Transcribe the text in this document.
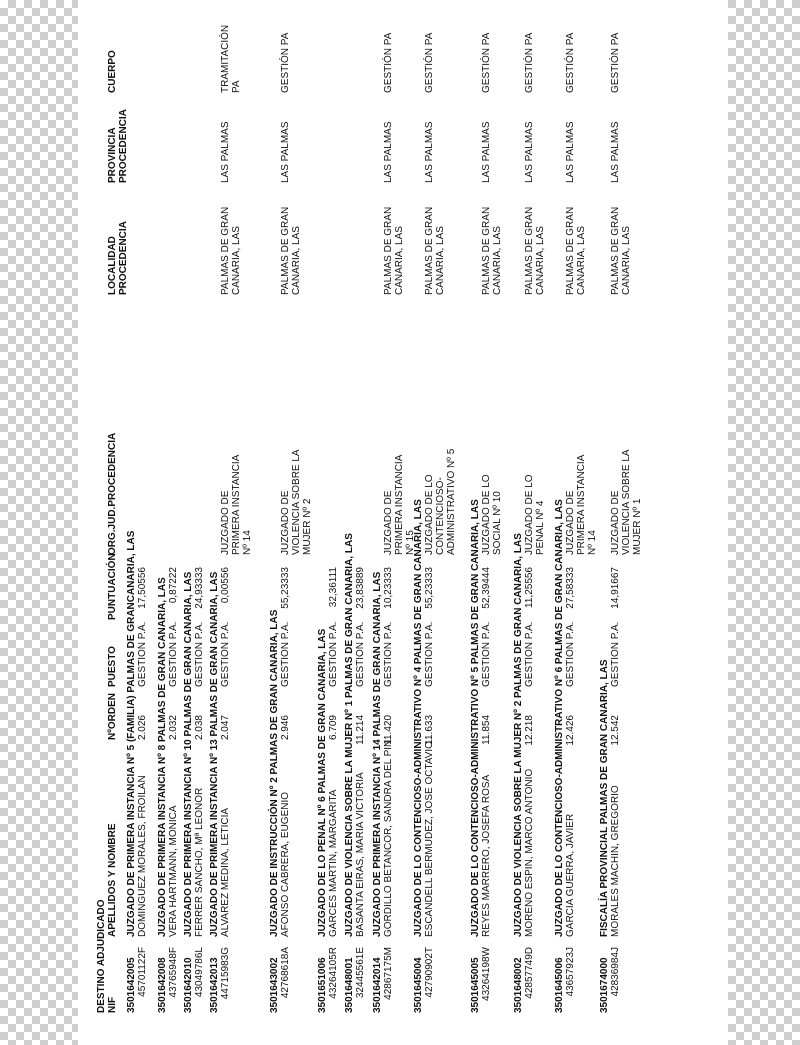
DESTINO ADJUDICADO NIF
APELLIDOS Y NOMBRE
NºORDEN
PUESTO
PUNTUACIÓN
ORG.JUD.PROCEDENCIA
LOCALIDAD PROCEDENCIA
PROVINCIA PROCEDENCIA
CUERPO
3501642005
JUZGADO DE PRIMERA INSTANCIA Nº 5 (FAMILIA) PALMAS DE GRANCANARIA, LAS
45701122F
DOMINGUEZ MORALES, FROILAN
2.026
GESTION P.A.
17,50556
3501642008
JUZGADO DE PRIMERA INSTANCIA Nº 8 PALMAS DE GRAN CANARIA, LAS
43765948F
VERA HARTMANN, MONICA
2.032
GESTION P.A.
0,87222
3501642010
JUZGADO DE PRIMERA INSTANCIA Nº 10 PALMAS DE GRAN CANARIA, LAS
43049786L
FERRER SANCHO, Mª LEONOR
2.038
GESTION P.A.
24,93333
3501642013
JUZGADO DE PRIMERA INSTANCIA Nº 13 PALMAS DE GRAN CANARIA, LAS
44715983G
ALVAREZ MEDINA, LETICIA
2.047
GESTION P.A.
0,00556
JUZGADO DE PRIMERA INSTANCIA Nº 14
PALMAS DE GRAN CANARIA, LAS
LAS PALMAS
TRAMITACIÓN PA
3501643002
JUZGADO DE INSTRUCCIÓN Nº 2 PALMAS DE GRAN CANARIA, LAS
42768618A
AFONSO CABRERA, EUGENIO
2.946
GESTION P.A.
55,23333
JUZGADO DE VIOLENCIA SOBRE LA MUJER Nº 2
PALMAS DE GRAN CANARIA, LAS
LAS PALMAS
GESTIÓN PA
3501651006
JUZGADO DE LO PENAL Nº 6 PALMAS DE GRAN CANARIA, LAS
43264105R
GARCES MARTIN, MARGARITA
6.709
GESTION P.A.
32,36111
3501648001
JUZGADO DE VIOLENCIA SOBRE LA MUJER Nº 1 PALMAS DE GRAN CANARIA, LAS
32445561E
BASANTA EIRAS, MARIA VICTORIA
11.214
GESTION P.A.
23,83889
3501642014
JUZGADO DE PRIMERA INSTANCIA Nº 14 PALMAS DE GRAN CANARIA, LAS
42867175M
GORDILLO BETANCOR, SANDRA DEL PIN
11.420
GESTION P.A.
10,23333
JUZGADO DE PRIMERA INSTANCIA Nº 15
PALMAS DE GRAN CANARIA, LAS
LAS PALMAS
GESTIÓN PA
3501645004
JUZGADO DE LO CONTENCIOSO-ADMINISTRATIVO Nº 4 PALMAS DE GRAN CANARIA, LAS
42790902T
ESCANDELL BERMUDEZ, JOSE OCTAVIO
11.633
GESTION P.A.
55,23333
JUZGADO DE LO CONTENCIOSO-ADMINISTRATIVO Nº 5
PALMAS DE GRAN CANARIA, LAS
LAS PALMAS
GESTIÓN PA
3501645005
JUZGADO DE LO CONTENCIOSO-ADMINISTRATIVO Nº 5 PALMAS DE GRAN CANARIA, LAS
43264198W
REYES MARRERO, JOSEFA ROSA
11.854
GESTION P.A.
52,39444
JUZGADO DE LO SOCIAL Nº 10
PALMAS DE GRAN CANARIA, LAS
LAS PALMAS
GESTIÓN PA
3501648002
JUZGADO DE VIOLENCIA SOBRE LA MUJER Nº 2 PALMAS DE GRAN CANARIA, LAS
42857749D
MORENO ESPIN, MARCO ANTONIO
12.218
GESTION P.A.
11,25556
JUZGADO DE LO PENAL Nº 4
PALMAS DE GRAN CANARIA, LAS
LAS PALMAS
GESTIÓN PA
3501645006
JUZGADO DE LO CONTENCIOSO-ADMINISTRATIVO Nº 6 PALMAS DE GRAN CANARIA, LAS
43657923J
GARCIA GUERRA, JAVIER
12.426
GESTION P.A.
27,58333
JUZGADO DE PRIMERA INSTANCIA Nº 14
PALMAS DE GRAN CANARIA, LAS
LAS PALMAS
GESTIÓN PA
3501674000
FISCALÍA PROVINCIAL PALMAS DE GRAN CANARIA, LAS
42836984J
MORALES MACHIN, GREGORIO
12.542
GESTION P.A.
14,91667
JUZGADO DE VIOLENCIA SOBRE LA MUJER Nº 1
PALMAS DE GRAN CANARIA, LAS
LAS PALMAS
GESTIÓN PA
